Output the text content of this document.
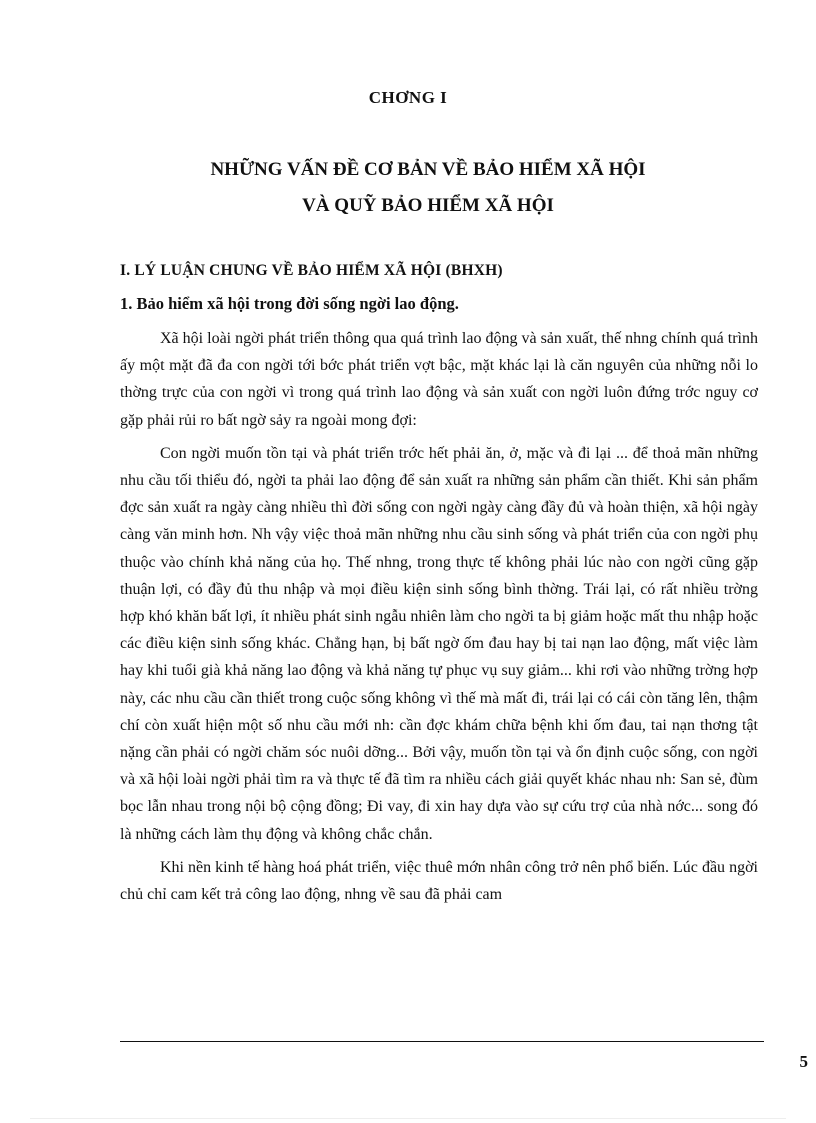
CHƠNG I
NHỮNG VẤN ĐỀ CƠ BẢN VỀ BẢO HIỂM XÃ HỘI
VÀ QUỸ BẢO HIỂM XÃ HỘI
I. LÝ LUẬN CHUNG VỀ BẢO HIỂM XÃ HỘI (BHXH)
1. Bảo hiểm xã hội trong đời sống ngời lao động.

Xã hội loài ngời phát triển thông qua quá trình lao động và sản xuất, thế nhng chính quá trình ấy một mặt đã đa con ngời tới bớc phát triển vợt bậc, mặt khác lại là căn nguyên của những nỗi lo thờng trực của con ngời vì trong quá trình lao động và sản xuất con ngời luôn đứng trớc nguy cơ gặp phải rủi ro bất ngờ sảy ra ngoài mong đợi:

Con ngời muốn tồn tại và phát triển trớc hết phải ăn, ở, mặc và đi lại ... để thoả mãn những nhu cầu tối thiểu đó, ngời ta phải lao động để sản xuất ra những sản phẩm cần thiết. Khi sản phẩm đợc sản xuất ra ngày càng nhiều thì đời sống con ngời ngày càng đầy đủ và hoàn thiện, xã hội ngày càng văn minh hơn. Nh vậy việc thoả mãn những nhu cầu sinh sống và phát triển của con ngời phụ thuộc vào chính khả năng của họ. Thế nhng, trong thực tế không phải lúc nào con ngời cũng gặp thuận lợi, có đầy đủ thu nhập và mọi điều kiện sinh sống bình thờng. Trái lại, có rất nhiều trờng hợp khó khăn bất lợi, ít nhiều phát sinh ngẫu nhiên làm cho ngời ta bị giảm hoặc mất thu nhập hoặc các điều kiện sinh sống khác. Chẳng hạn, bị bất ngờ ốm đau hay bị tai nạn lao động, mất việc làm hay khi tuổi già khả năng lao động và khả năng tự phục vụ suy giảm... khi rơi vào những trờng hợp này, các nhu cầu cần thiết trong cuộc sống không vì thế mà mất đi, trái lại có cái còn tăng lên, thậm chí còn xuất hiện một số nhu cầu mới nh: cần đợc khám chữa bệnh khi ốm đau, tai nạn thơng tật nặng cần phải có ngời chăm sóc nuôi dỡng... Bởi vậy, muốn tồn tại và ổn định cuộc sống, con ngời và xã hội loài ngời phải tìm ra và thực tế đã tìm ra nhiều cách giải quyết khác nhau nh: San sẻ, đùm bọc lẫn nhau trong nội bộ cộng đồng; Đi vay, đi xin hay dựa vào sự cứu trợ của nhà nớc... song đó là những cách làm thụ động và không chắc chắn.

Khi nền kinh tế hàng hoá phát triển, việc thuê mớn nhân công trở nên phổ biến. Lúc đầu ngời chủ chỉ cam kết trả công lao động, nhng về sau đã phải cam

5
